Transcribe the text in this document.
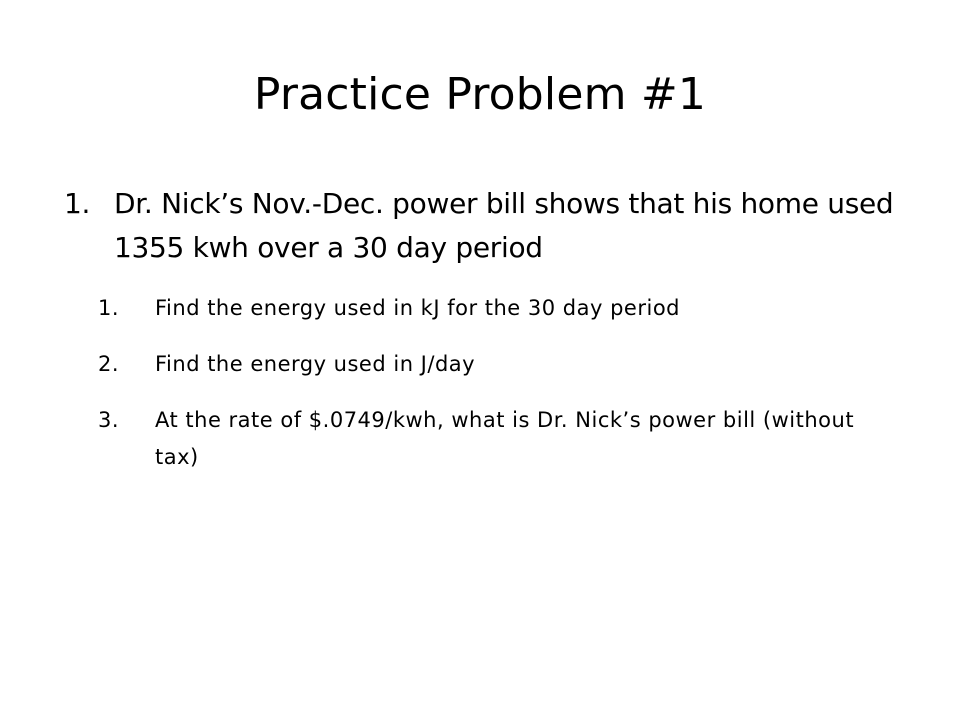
Practice Problem #1
1. Dr. Nick’s Nov.-Dec. power bill shows that his home used 1355 kwh over a 30 day period
1.	Find the energy used in kJ for the 30 day period
2.	Find the energy used in J/day
3.	At the rate of $.0749/kwh, what is Dr. Nick’s power bill (without tax)
